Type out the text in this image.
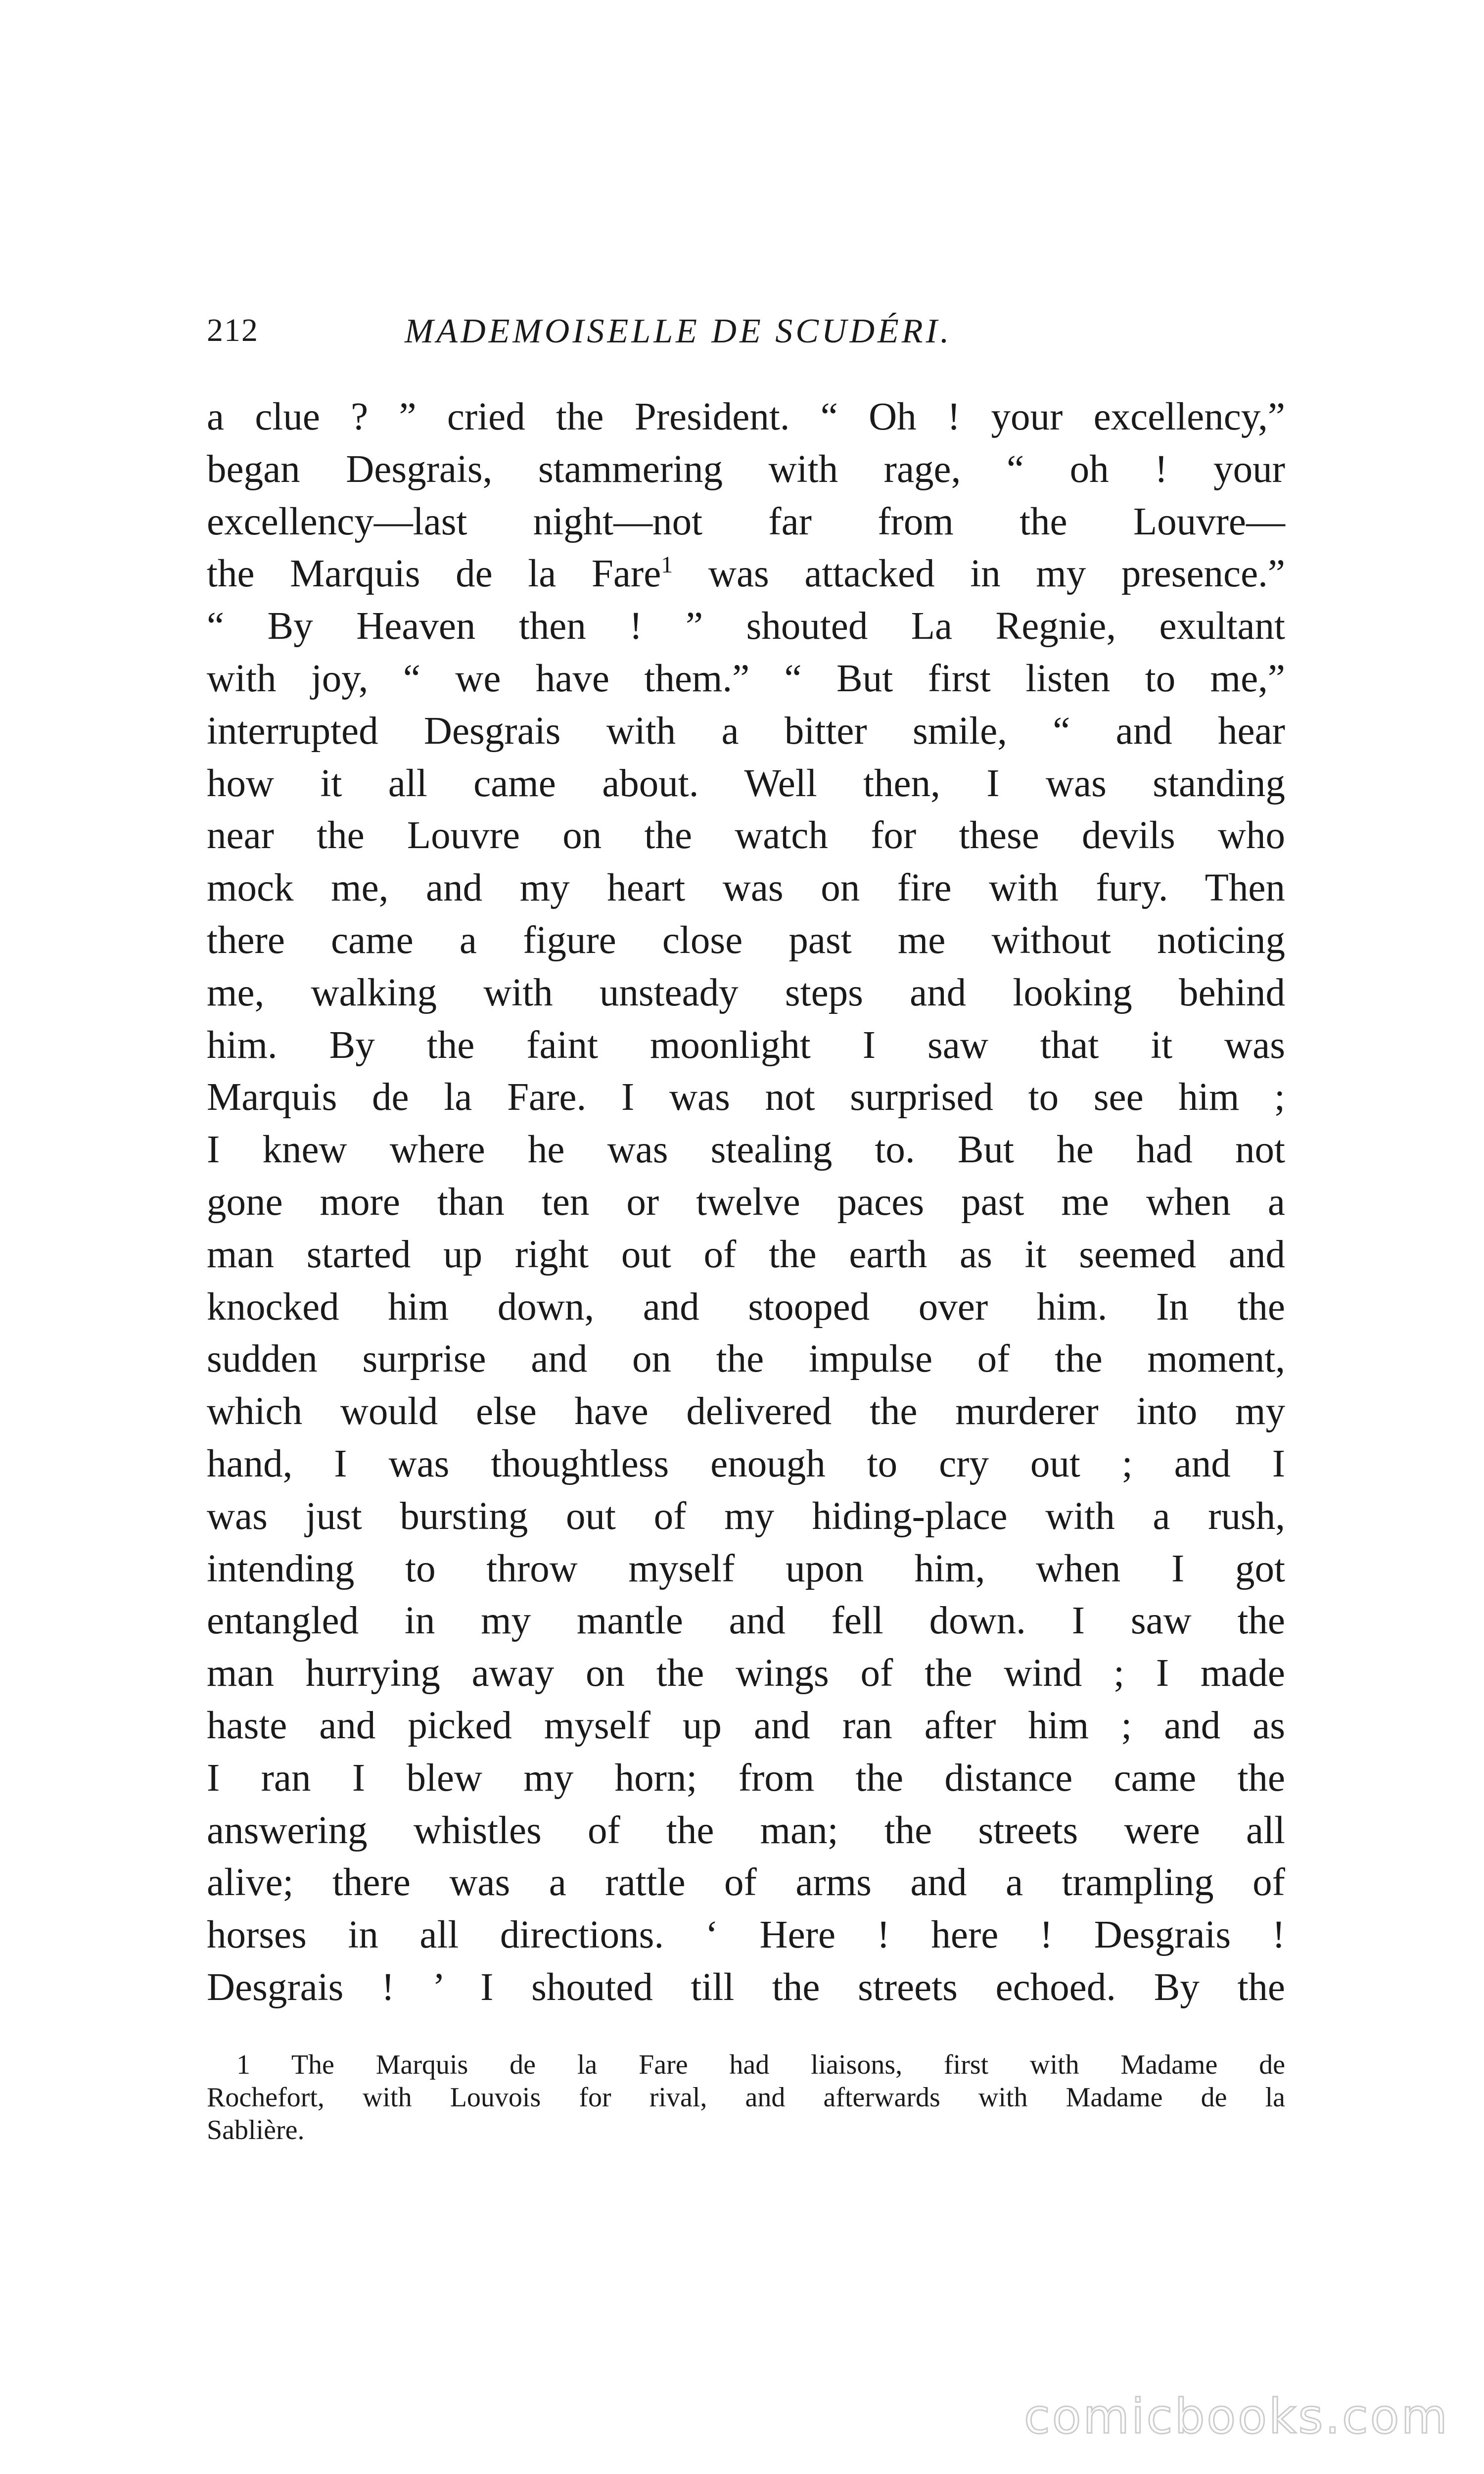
212	MADEMOISELLE DE SCUDÉRI.
a clue ? ” cried the President. “ Oh ! your excellency,”
began Desgrais, stammering with rage, “ oh ! your
excellency—last night—not far from the Louvre—
the Marquis de la Fare$^1$ was attacked in my presence.”
“ By Heaven then ! ” shouted La Regnie, exultant
with joy, “ we have them.” “ But first listen to me,”
interrupted Desgrais with a bitter smile, “ and hear
how it all came about. Well then, I was standing
near the Louvre on the watch for these devils who
mock me, and my heart was on fire with fury. Then
there came a figure close past me without noticing
me, walking with unsteady steps and looking behind
him. By the faint moonlight I saw that it was
Marquis de la Fare. I was not surprised to see him ;
I knew where he was stealing to. But he had not
gone more than ten or twelve paces past me when a
man started up right out of the earth as it seemed and
knocked him down, and stooped over him. In the
sudden surprise and on the impulse of the moment,
which would else have delivered the murderer into my
hand, I was thoughtless enough to cry out ; and I
was just bursting out of my hiding-place with a rush,
intending to throw myself upon him, when I got
entangled in my mantle and fell down. I saw the
man hurrying away on the wings of the wind ; I made
haste and picked myself up and ran after him ; and as
I ran I blew my horn; from the distance came the
answering whistles of the man; the streets were all
alive; there was a rattle of arms and a trampling of
horses in all directions. ‘ Here ! here ! Desgrais !
Desgrais ! ’ I shouted till the streets echoed. By the
1 The Marquis de la Fare had liaisons, first with Madame de
Rochefort, with Louvois for rival, and afterwards with Madame de la
Sablière.
comicbooks.com
